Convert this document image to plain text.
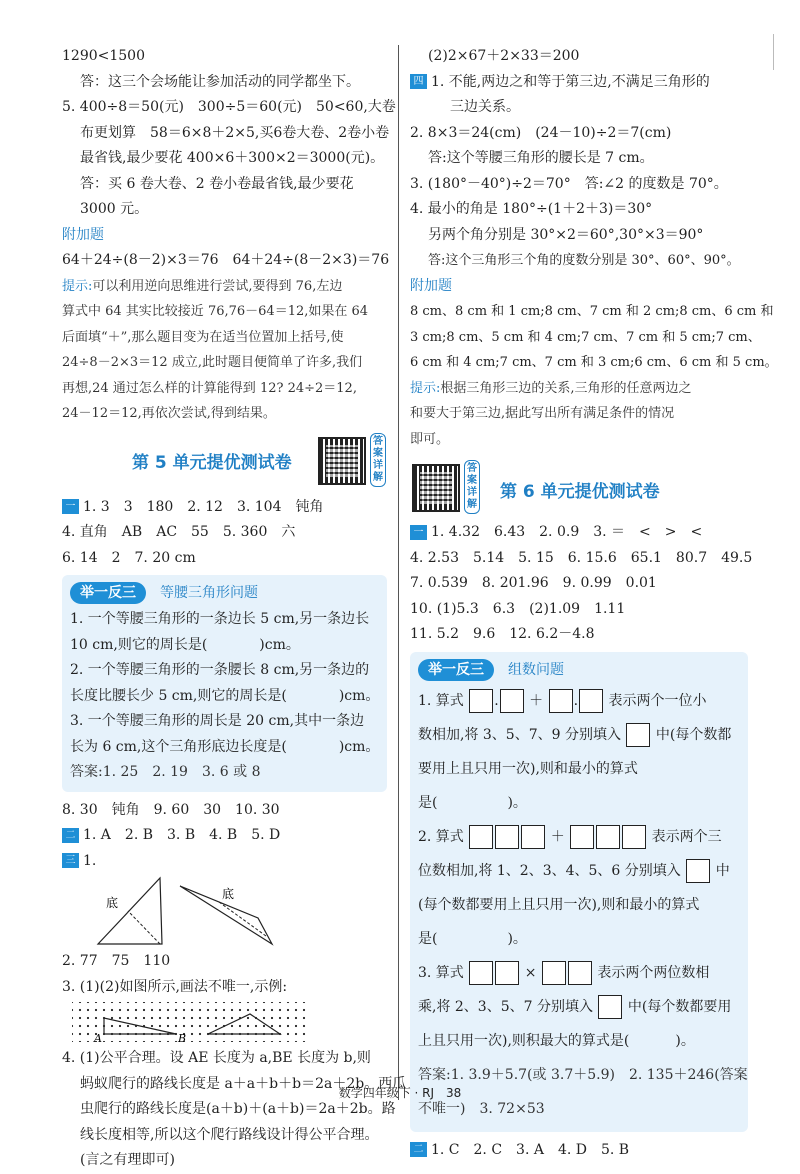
1290<1500
答：这三个会场能让参加活动的同学都坐下。
5. 400÷8＝50(元)　300÷5＝60(元)　50<60,大卷
布更划算　58＝6×8＋2×5,买6卷大卷、2卷小卷
最省钱,最少要花 400×6＋300×2＝3000(元)。
答：买 6 卷大卷、2 卷小卷最省钱,最少要花
3000 元。
附加题
64＋24÷(8－2)×3＝76　64＋24÷(8－2×3)＝76
提示:可以利用逆向思维进行尝试,要得到 76,左边
算式中 64 其实比较接近 76,76－64＝12,如果在 64
后面填“＋”,那么题目变为在适当位置加上括号,使
24÷8－2×3＝12 成立,此时题目便简单了许多,我们
再想,24 通过怎么样的计算能得到 12? 24÷2＝12,
24－12＝12,再依次尝试,得到结果。
第 5 单元提优测试卷
答案详解
一 1. 3　3　180　2. 12　3. 104　钝角
4. 直角　AB　AC　55　5. 360　六
6. 14　2　7. 20 cm
举一反三 等腰三角形问题
1. 一个等腰三角形的一条边长 5 cm,另一条边长
10 cm,则它的周长是(	)cm。
2. 一个等腰三角形的一条腰长 8 cm,另一条边的
长度比腰长少 5 cm,则它的周长是(	)cm。
3. 一个等腰三角形的周长是 20 cm,其中一条边
长为 6 cm,这个三角形底边长度是(	)cm。
答案:1. 25　2. 19　3. 6 或 8
8. 30　钝角　9. 60　30　10. 30
二 1. A　2. B　3. B　4. B　5. D
三 1.
底
底
2. 77　75　110
3. (1)(2)如图所示,画法不唯一,示例:
A	B
4. (1)公平合理。设 AE 长度为 a,BE 长度为 b,则
蚂蚁爬行的路线长度是 a＋a＋b＋b＝2a＋2b。西瓜
虫爬行的路线长度是(a＋b)＋(a＋b)＝2a＋2b。路
线长度相等,所以这个爬行路线设计得公平合理。
(言之有理即可)
(2)2×67＋2×33＝200
四 1. 不能,两边之和等于第三边,不满足三角形的
三边关系。
2. 8×3＝24(cm)　(24－10)÷2＝7(cm)
答:这个等腰三角形的腰长是 7 cm。
3. (180°－40°)÷2＝70°　答:∠2 的度数是 70°。
4. 最小的角是 180°÷(1＋2＋3)＝30°
另两个角分别是 30°×2＝60°,30°×3＝90°
答:这个三角形三个角的度数分别是 30°、60°、90°。
附加题
8 cm、8 cm 和 1 cm;8 cm、7 cm 和 2 cm;8 cm、6 cm 和
3 cm;8 cm、5 cm 和 4 cm;7 cm、7 cm 和 5 cm;7 cm、
6 cm 和 4 cm;7 cm、7 cm 和 3 cm;6 cm、6 cm 和 5 cm。
提示:根据三角形三边的关系,三角形的任意两边之
和要大于第三边,据此写出所有满足条件的情况
即可。
答案详解
第 6 单元提优测试卷
一 1. 4.32　6.43　2. 0.9　3. ＝　<　>　<
4. 2.53　5.14　5. 15　6. 15.6　65.1　80.7　49.5
7. 0.539　8. 201.96　9. 0.99　0.01
10. (1)5.3　6.3　(2)1.09　1.11
11. 5.2　9.6　12. 6.2－4.8
举一反三 组数问题
1. 算式 . ＋ . 表示两个一位小
数相加,将 3、5、7、9 分别填入 中(每个数都
要用上且只用一次),则和最小的算式
是(	)。
2. 算式	＋	表示两个三
位数相加,将 1、2、3、4、5、6 分别填入 中
(每个数都要用上且只用一次),则和最小的算式
是(	)。
3. 算式	×	表示两个两位数相
乘,将 2、3、5、7 分别填入 中(每个数都要用
上且只用一次),则积最大的算式是(	)。
答案:1. 3.9＋5.7(或 3.7＋5.9)　2. 135＋246(答案
不唯一)　3. 72×53
二 1. C　2. C　3. A　4. D　5. B
数学四年级下 · RJ　38
